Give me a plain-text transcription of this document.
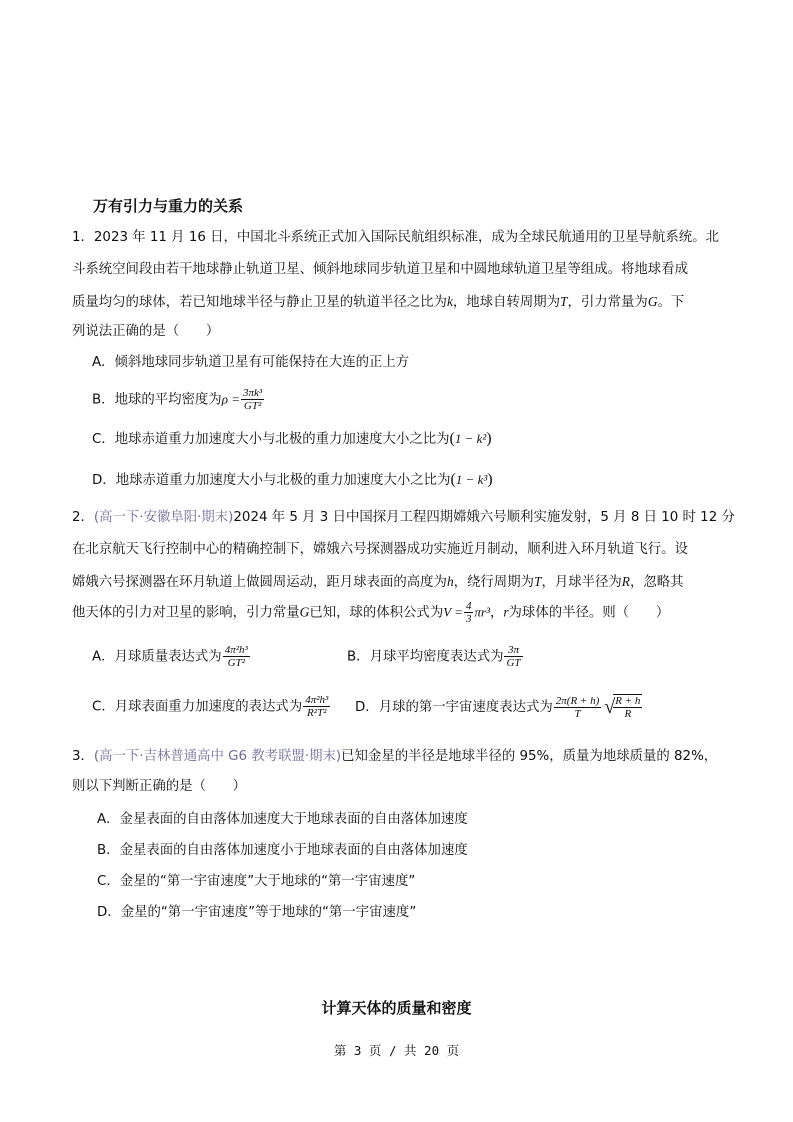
万有引力与重力的关系
1．2023 年 11 月 16 日，中国北斗系统正式加入国际民航组织标准，成为全球民航通用的卫星导航系统。北
斗系统空间段由若干地球静止轨道卫星、倾斜地球同步轨道卫星和中圆地球轨道卫星等组成。将地球看成
质量均匀的球体，若已知地球半径与静止卫星的轨道半径之比为k，地球自转周期为T，引力常量为G。下
列说法正确的是（　　）
A．倾斜地球同步轨道卫星有可能保持在大连的正上方
B．地球的平均密度为$\rho = \frac{\text{3πk³}}{\text{GT²}}$
C．地球赤道重力加速度大小与北极的重力加速度大小之比为(1 − k²)
D．地球赤道重力加速度大小与北极的重力加速度大小之比为(1 − k³)
2．(高一下·安徽阜阳·期末)2024 年 5 月 3 日中国探月工程四期嫦娥六号顺利实施发射，5 月 8 日 10 时 12 分
在北京航天飞行控制中心的精确控制下，嫦娥六号探测器成功实施近月制动，顺利进入环月轨道飞行。设
嫦娥六号探测器在环月轨道上做圆周运动，距月球表面的高度为h，绕行周期为T，月球半径为R，忽略其
他天体的引力对卫星的影响，引力常量G已知，球的体积公式为$V = \frac{4}{3} \pi r^3$，r为球体的半径。则（　　）
A．月球质量表达式为 $\frac{\text{4π²h³}}{\text{GT²}}$	B．月球平均密度表达式为 $\frac{3\pi}{GT}$
C．月球表面重力加速度的表达式为 $\frac{\text{4π²h³}}{\text{R²T²}}$ D．月球的第一宇宙速度表达式为 $\frac{2\pi(R + h)}{T}$ √
$\frac{R + h}{R}$
3．(高一下·吉林普通高中 G6 教考联盟·期末)已知金星的半径是地球半径的 95%，质量为地球质量的 82%，
则以下判断正确的是（　　）
A．金星表面的自由落体加速度大于地球表面的自由落体加速度
B．金星表面的自由落体加速度小于地球表面的自由落体加速度
C．金星的“第一宇宙速度”大于地球的“第一宇宙速度”
D．金星的“第一宇宙速度”等于地球的“第一宇宙速度”
计算天体的质量和密度
第 3 页 / 共 20 页
